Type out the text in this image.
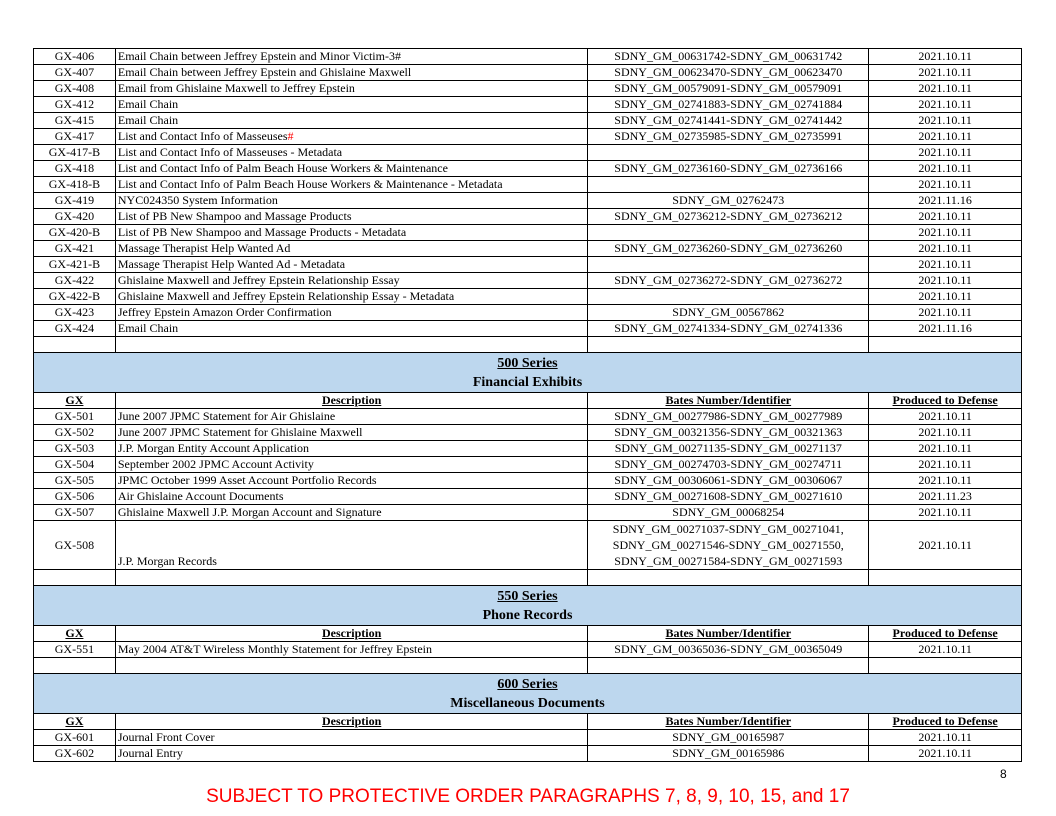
GX-406	Email Chain between Jeffrey Epstein and Minor Victim-3#	SDNY_GM_00631742-SDNY_GM_00631742	2021.10.11
GX-407	Email Chain between Jeffrey Epstein and Ghislaine Maxwell	SDNY_GM_00623470-SDNY_GM_00623470	2021.10.11
GX-408	Email from Ghislaine Maxwell to Jeffrey Epstein	SDNY_GM_00579091-SDNY_GM_00579091	2021.10.11
GX-412	Email Chain	SDNY_GM_02741883-SDNY_GM_02741884	2021.10.11
GX-415	Email Chain	SDNY_GM_02741441-SDNY_GM_02741442	2021.10.11
GX-417	List and Contact Info of Masseuses#	SDNY_GM_02735985-SDNY_GM_02735991	2021.10.11
GX-417-B	List and Contact Info of Masseuses - Metadata		2021.10.11
GX-418	List and Contact Info of Palm Beach House Workers & Maintenance	SDNY_GM_02736160-SDNY_GM_02736166	2021.10.11
GX-418-B	List and Contact Info of Palm Beach House Workers & Maintenance - Metadata		2021.10.11
GX-419	NYC024350 System Information	SDNY_GM_02762473	2021.11.16
GX-420	List of PB New Shampoo and Massage Products	SDNY_GM_02736212-SDNY_GM_02736212	2021.10.11
GX-420-B	List of PB New Shampoo and Massage Products - Metadata		2021.10.11
GX-421	Massage Therapist Help Wanted Ad	SDNY_GM_02736260-SDNY_GM_02736260	2021.10.11
GX-421-B	Massage Therapist Help Wanted Ad - Metadata		2021.10.11
GX-422	Ghislaine Maxwell and Jeffrey Epstein Relationship Essay	SDNY_GM_02736272-SDNY_GM_02736272	2021.10.11
GX-422-B	Ghislaine Maxwell and Jeffrey Epstein Relationship Essay - Metadata		2021.10.11
GX-423	Jeffrey Epstein Amazon Order Confirmation	SDNY_GM_00567862	2021.10.11
GX-424	Email Chain	SDNY_GM_02741334-SDNY_GM_02741336	2021.11.16

500 Series
Financial Exhibits			

GX	Description	Bates Number/Identifier	Produced to Defense
GX-501	June 2007 JPMC Statement for Air Ghislaine	SDNY_GM_00277986-SDNY_GM_00277989	2021.10.11
GX-502	June 2007 JPMC Statement for Ghislaine Maxwell	SDNY_GM_00321356-SDNY_GM_00321363	2021.10.11
GX-503	J.P. Morgan Entity Account Application	SDNY_GM_00271135-SDNY_GM_00271137	2021.10.11
GX-504	September 2002 JPMC Account Activity	SDNY_GM_00274703-SDNY_GM_00274711	2021.10.11
GX-505	JPMC October 1999 Asset Account Portfolio Records	SDNY_GM_00306061-SDNY_GM_00306067	2021.10.11
GX-506	Air Ghislaine Account Documents	SDNY_GM_00271608-SDNY_GM_00271610	2021.11.23
GX-507	Ghislaine Maxwell J.P. Morgan Account and Signature	SDNY_GM_00068254	2021.10.11
GX-508	J.P. Morgan Records	SDNY_GM_00271037-SDNY_GM_00271041,
SDNY_GM_00271546-SDNY_GM_00271550,
SDNY_GM_00271584-SDNY_GM_00271593	2021.10.11

550 Series
Phone Records			

GX	Description	Bates Number/Identifier	Produced to Defense
GX-551	May 2004 AT&T Wireless Monthly Statement for Jeffrey Epstein	SDNY_GM_00365036-SDNY_GM_00365049	2021.10.11

600 Series
Miscellaneous Documents			

GX	Description	Bates Number/Identifier	Produced to Defense
GX-601	Journal Front Cover	SDNY_GM_00165987	2021.10.11
GX-602	Journal Entry	SDNY_GM_00165986	2021.10.11
8
SUBJECT TO PROTECTIVE ORDER PARAGRAPHS 7, 8, 9, 10, 15, and 17
